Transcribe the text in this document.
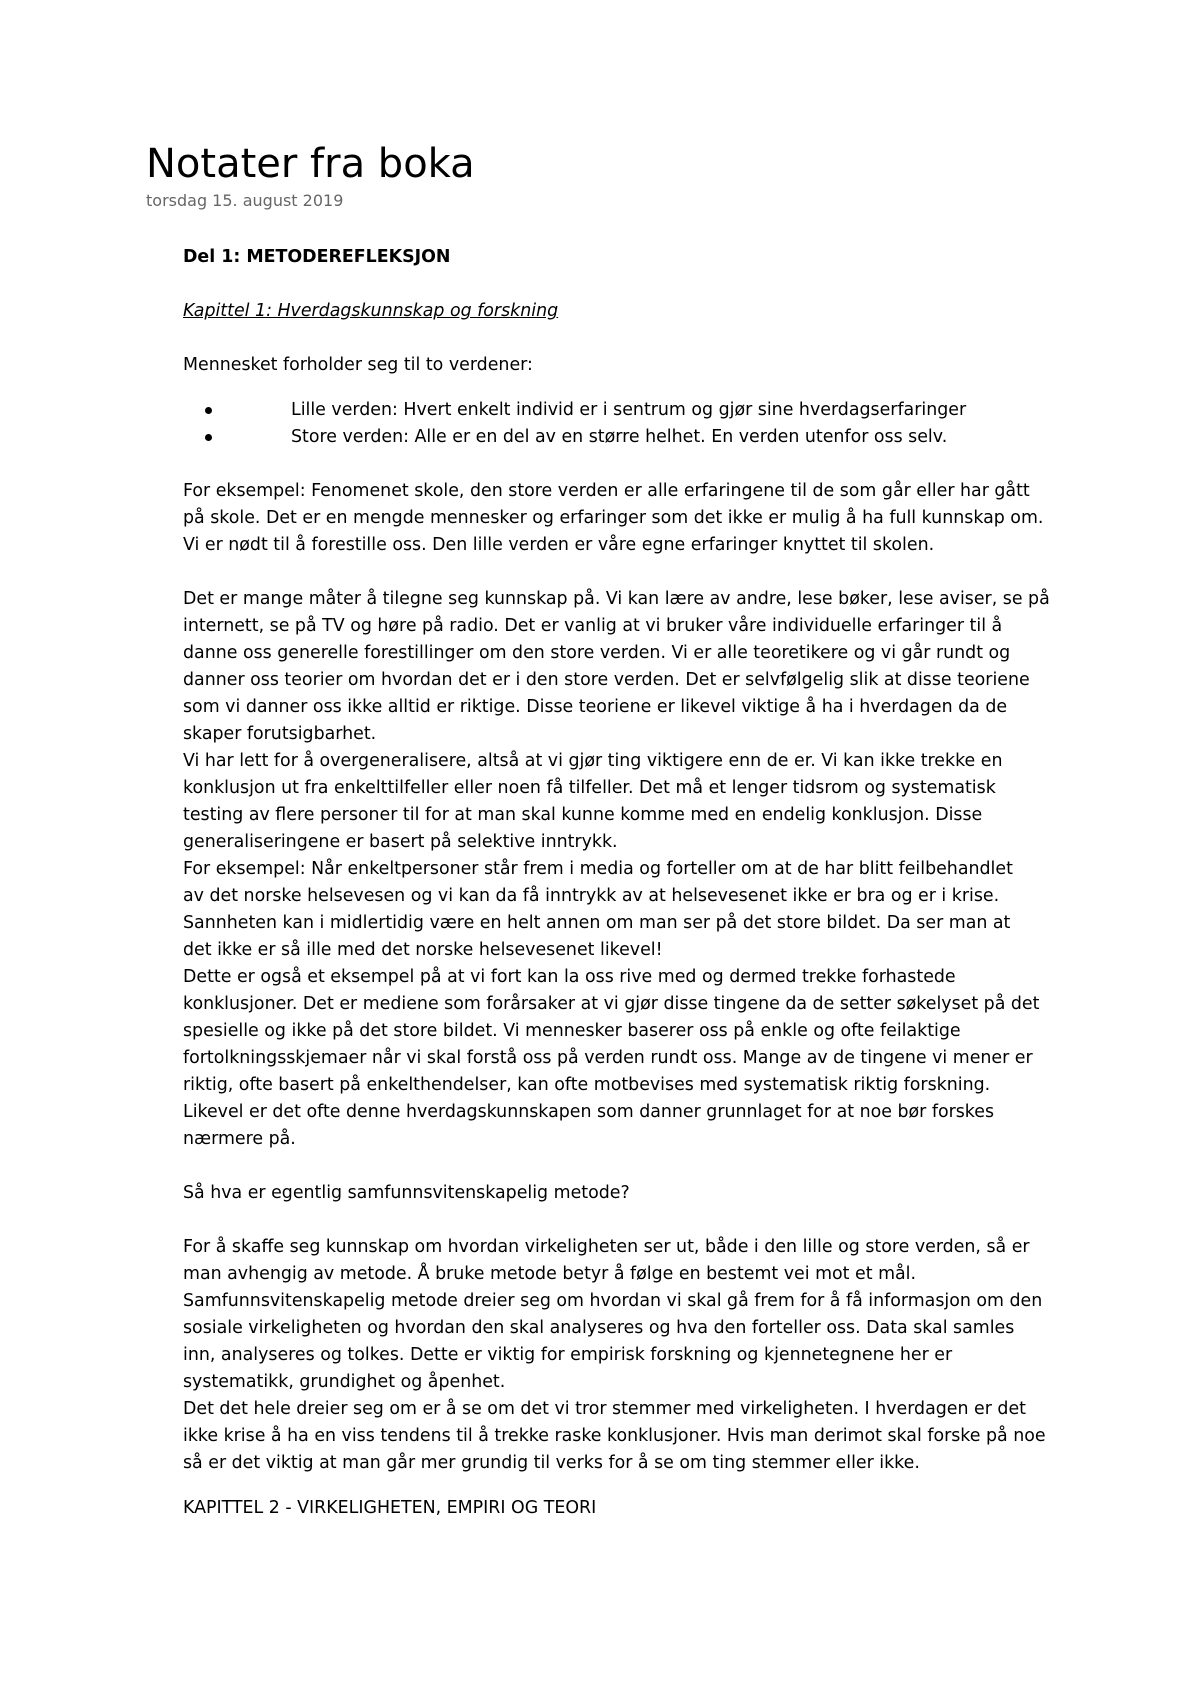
Notater fra boka
torsdag 15. august 2019
Del 1: METODEREFLEKSJON
Kapittel 1: Hverdagskunnskap og forskning
Mennesket forholder seg til to verdener:
Lille verden: Hvert enkelt individ er i sentrum og gjør sine hverdagserfaringer
Store verden: Alle er en del av en større helhet. En verden utenfor oss selv.
For eksempel: Fenomenet skole, den store verden er alle erfaringene til de som går eller har gått
på skole. Det er en mengde mennesker og erfaringer som det ikke er mulig å ha full kunnskap om.
Vi er nødt til å forestille oss. Den lille verden er våre egne erfaringer knyttet til skolen.
Det er mange måter å tilegne seg kunnskap på. Vi kan lære av andre, lese bøker, lese aviser, se på
internett, se på TV og høre på radio. Det er vanlig at vi bruker våre individuelle erfaringer til å
danne oss generelle forestillinger om den store verden. Vi er alle teoretikere og vi går rundt og
danner oss teorier om hvordan det er i den store verden. Det er selvfølgelig slik at disse teoriene
som vi danner oss ikke alltid er riktige. Disse teoriene er likevel viktige å ha i hverdagen da de
skaper forutsigbarhet.
Vi har lett for å overgeneralisere, altså at vi gjør ting viktigere enn de er. Vi kan ikke trekke en
konklusjon ut fra enkelttilfeller eller noen få tilfeller. Det må et lenger tidsrom og systematisk
testing av flere personer til for at man skal kunne komme med en endelig konklusjon. Disse
generaliseringene er basert på selektive inntrykk.
For eksempel: Når enkeltpersoner står frem i media og forteller om at de har blitt feilbehandlet
av det norske helsevesen og vi kan da få inntrykk av at helsevesenet ikke er bra og er i krise.
Sannheten kan i midlertidig være en helt annen om man ser på det store bildet. Da ser man at
det ikke er så ille med det norske helsevesenet likevel!
Dette er også et eksempel på at vi fort kan la oss rive med og dermed trekke forhastede
konklusjoner. Det er mediene som forårsaker at vi gjør disse tingene da de setter søkelyset på det
spesielle og ikke på det store bildet. Vi mennesker baserer oss på enkle og ofte feilaktige
fortolkningsskjemaer når vi skal forstå oss på verden rundt oss. Mange av de tingene vi mener er
riktig, ofte basert på enkelthendelser, kan ofte motbevises med systematisk riktig forskning.
Likevel er det ofte denne hverdagskunnskapen som danner grunnlaget for at noe bør forskes
nærmere på.
Så hva er egentlig samfunnsvitenskapelig metode?
For å skaffe seg kunnskap om hvordan virkeligheten ser ut, både i den lille og store verden, så er
man avhengig av metode. Å bruke metode betyr å følge en bestemt vei mot et mål.
Samfunnsvitenskapelig metode dreier seg om hvordan vi skal gå frem for å få informasjon om den
sosiale virkeligheten og hvordan den skal analyseres og hva den forteller oss. Data skal samles
inn, analyseres og tolkes. Dette er viktig for empirisk forskning og kjennetegnene her er
systematikk, grundighet og åpenhet.
Det det hele dreier seg om er å se om det vi tror stemmer med virkeligheten. I hverdagen er det
ikke krise å ha en viss tendens til å trekke raske konklusjoner. Hvis man derimot skal forske på noe
så er det viktig at man går mer grundig til verks for å se om ting stemmer eller ikke.
KAPITTEL 2 - VIRKELIGHETEN, EMPIRI OG TEORI
